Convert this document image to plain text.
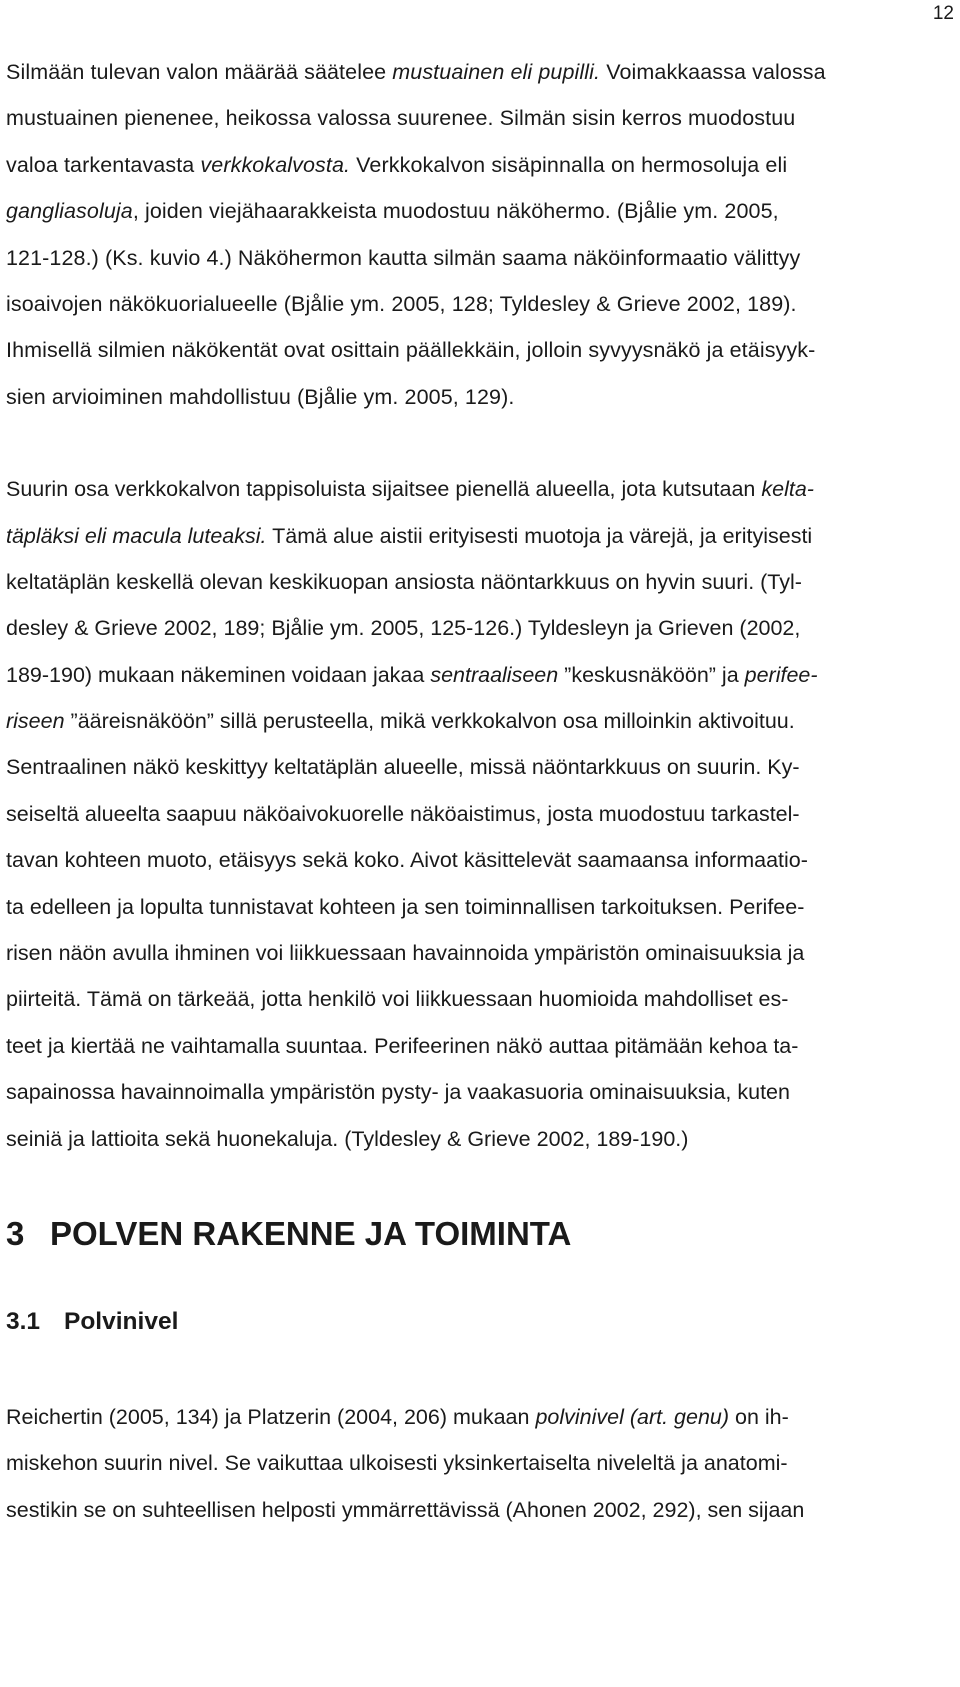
12

Silmään tulevan valon määrää säätelee mustuainen eli pupilli. Voimakkaassa valossa
mustuainen pienenee, heikossa valossa suurenee. Silmän sisin kerros muodostuu
valoa tarkentavasta verkkokalvosta. Verkkokalvon sisäpinnalla on hermosoluja eli
gangliasoluja, joiden viejähaarakkeista muodostuu näköhermo. (Bjålie ym. 2005,
121-128.) (Ks. kuvio 4.) Näköhermon kautta silmän saama näköinformaatio välittyy
isoaivojen näkökuorialueelle (Bjålie ym. 2005, 128; Tyldesley & Grieve 2002, 189).
Ihmisellä silmien näkökentät ovat osittain päällekkäin, jolloin syvyysnäkö ja etäisyyk-
sien arvioiminen mahdollistuu (Bjålie ym. 2005, 129).

Suurin osa verkkokalvon tappisoluista sijaitsee pienellä alueella, jota kutsutaan kelta-
täpläksi eli macula luteaksi. Tämä alue aistii erityisesti muotoja ja värejä, ja erityisesti
keltatäplän keskellä olevan keskikuopan ansiosta näöntarkkuus on hyvin suuri. (Tyl-
desley & Grieve 2002, 189; Bjålie ym. 2005, 125-126.) Tyldesleyn ja Grieven (2002,
189-190) mukaan näkeminen voidaan jakaa sentraaliseen ”keskusnäköön” ja perifee-
riseen ”ääreisnäköön” sillä perusteella, mikä verkkokalvon osa milloinkin aktivoituu.
Sentraalinen näkö keskittyy keltatäplän alueelle, missä näöntarkkuus on suurin. Ky-
seiseltä alueelta saapuu näköaivokuorelle näköaistimus, josta muodostuu tarkastel-
tavan kohteen muoto, etäisyys sekä koko. Aivot käsittelevät saamaansa informaatio-
ta edelleen ja lopulta tunnistavat kohteen ja sen toiminnallisen tarkoituksen. Perifee-
risen näön avulla ihminen voi liikkuessaan havainnoida ympäristön ominaisuuksia ja
piirteitä. Tämä on tärkeää, jotta henkilö voi liikkuessaan huomioida mahdolliset es-
teet ja kiertää ne vaihtamalla suuntaa. Perifeerinen näkö auttaa pitämään kehoa ta-
sapainossa havainnoimalla ympäristön pysty- ja vaakasuoria ominaisuuksia, kuten
seiniä ja lattioita sekä huonekaluja. (Tyldesley & Grieve 2002, 189-190.)

3 POLVEN RAKENNE JA TOIMINTA
3.1 Polvinivel

Reichertin (2005, 134) ja Platzerin (2004, 206) mukaan polvinivel (art. genu) on ih-
miskehon suurin nivel. Se vaikuttaa ulkoisesti yksinkertaiselta niveleltä ja anatomi-
sestikin se on suhteellisen helposti ymmärrettävissä (Ahonen 2002, 292), sen sijaan
